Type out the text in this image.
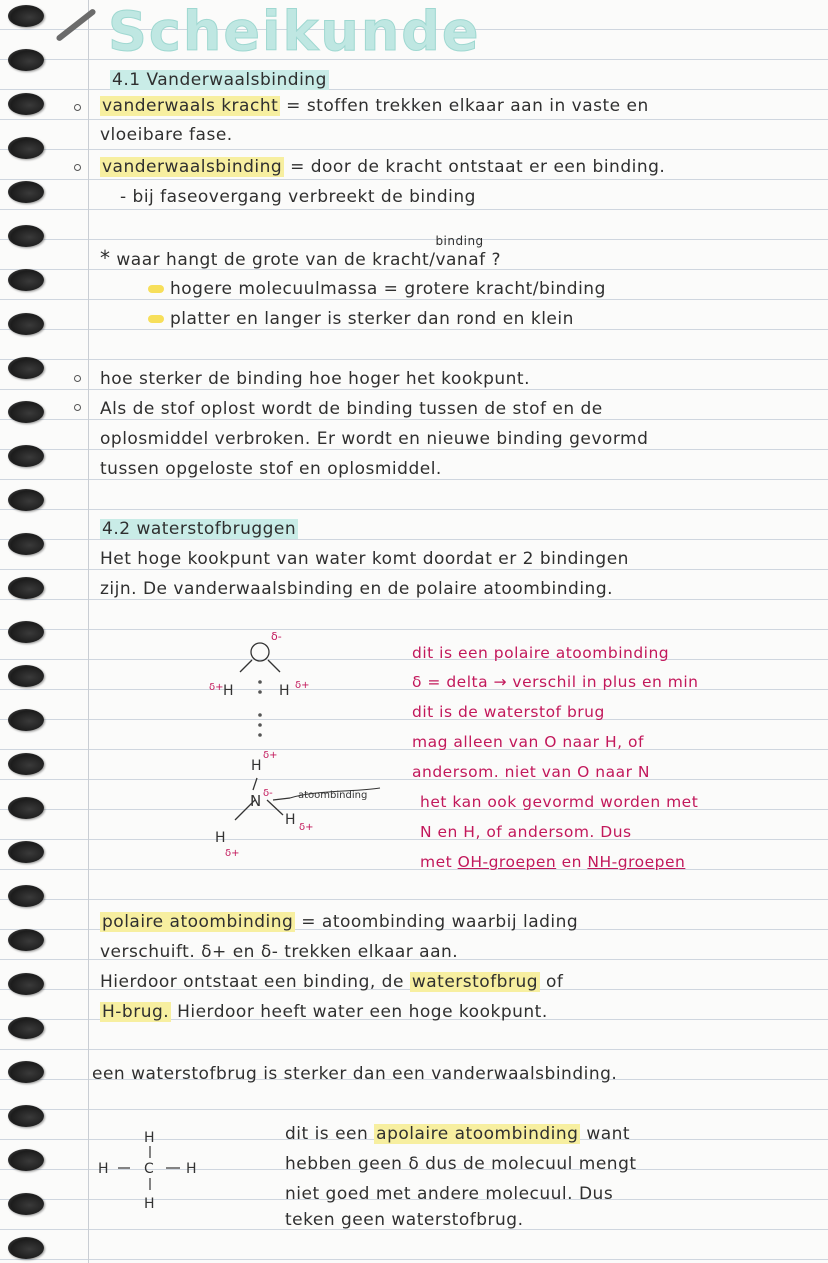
Scheikunde
4.1 Vanderwaalsbinding
vanderwaals kracht = stoffen trekken elkaar aan in vaste en
vloeibare fase.
vanderwaalsbinding = door de kracht ontstaat er een binding.
- bij faseovergang verbreekt de binding
* waar hangt de grote van de kracht/
binding
vanaf ?
hogere molecuulmassa = grotere kracht/binding
platter en langer is sterker dan rond en klein
hoe sterker de binding hoe hoger het kookpunt.
Als de stof oplost wordt de binding tussen de stof en de
oplosmiddel verbroken. Er wordt en nieuwe binding gevormd
tussen opgeloste stof en oplosmiddel.
4.2 waterstofbruggen
Het hoge kookpunt van water komt doordat er 2 bindingen
zijn. De vanderwaalsbinding en de polaire atoombinding.
δ-
δ+ H	H δ+
H
δ+
N δ-	atoombinding
H
δ+
H δ+
dit is een polaire atoombinding
δ = delta → verschil in plus en min
dit is de waterstof brug
mag alleen van O naar H, of
andersom. niet van O naar N
het kan ook gevormd worden met
N en H, of andersom. Dus
met OH-groepen en NH-groepen
polaire atoombinding = atoombinding waarbij lading
verschuift. δ+ en δ- trekken elkaar aan.
Hierdoor ontstaat een binding, de waterstofbrug of
H-brug. Hierdoor heeft water een hoge kookpunt.
een waterstofbrug is sterker dan een vanderwaalsbinding.
H
H	C H
H
dit is een apolaire atoombinding want
hebben geen δ dus de molecuul mengt
niet goed met andere molecuul. Dus
teken geen waterstofbrug.
